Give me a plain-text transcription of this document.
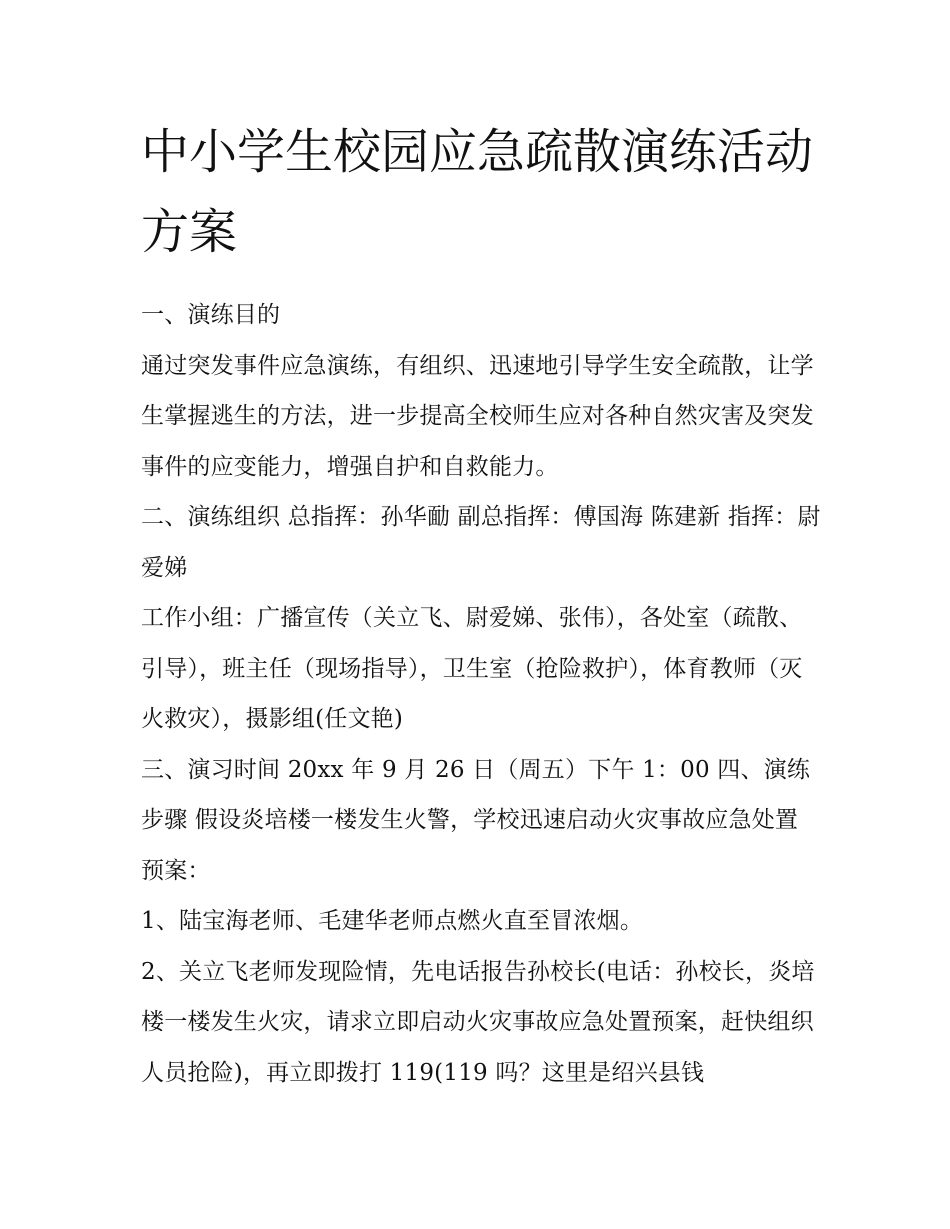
中小学生校园应急疏散演练活动方案

一、演练目的

通过突发事件应急演练，有组织、迅速地引导学生安全疏散，让学生掌握逃生的方法，进一步提高全校师生应对各种自然灾害及突发事件的应变能力，增强自护和自救能力。

二、演练组织 总指挥：孙华勔 副总指挥：傅国海 陈建新 指挥：尉爱娣

工作小组：广播宣传（关立飞、尉爱娣、张伟），各处室（疏散、引导），班主任（现场指导），卫生室（抢险救护），体育教师（灭火救灾），摄影组(任文艳)

三、演习时间 20xx 年 9 月 26 日（周五）下午 1：00 四、演练步骤 假设炎培楼一楼发生火警，学校迅速启动火灾事故应急处置预案：

1、陆宝海老师、毛建华老师点燃火直至冒浓烟。

2、关立飞老师发现险情，先电话报告孙校长(电话：孙校长，炎培楼一楼发生火灾，请求立即启动火灾事故应急处置预案，赶快组织人员抢险)，再立即拨打 119(119 吗？这里是绍兴县钱
